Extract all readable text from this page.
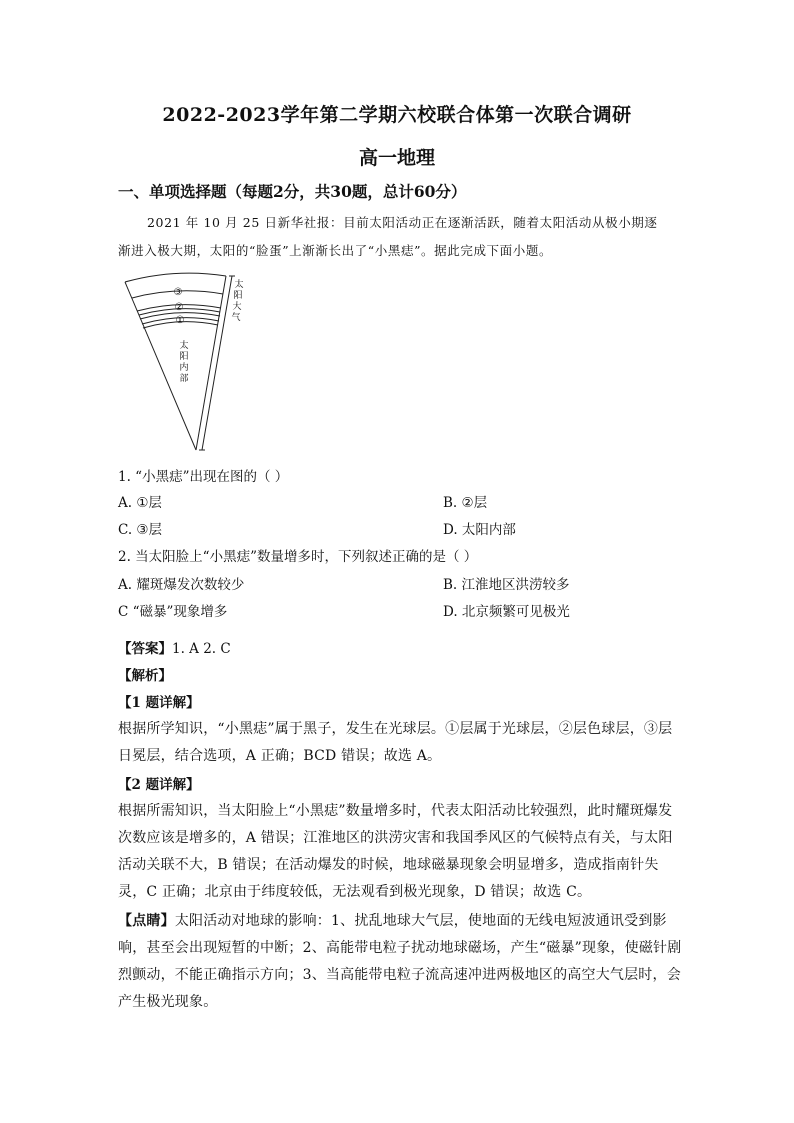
2022-2023学年第二学期六校联合体第一次联合调研
高一地理
一、单项选择题（每题2分，共30题，总计60分）
2021 年 10 月 25 日新华社报：目前太阳活动正在逐渐活跃，随着太阳活动从极小期逐
渐进入极大期，太阳的“脸蛋”上渐渐长出了“小黑痣”。据此完成下面小题。
③
②
①
太
阳
大
气
太
阳
内
部
1. “小黑痣”出现在图的（ ）
A. ①层	B. ②层
C. ③层	D. 太阳内部
2. 当太阳脸上“小黑痣”数量增多时，下列叙述正确的是（ ）
A. 耀斑爆发次数较少	B. 江淮地区洪涝较多
C “磁暴”现象增多	D. 北京频繁可见极光
【答案】1. A 2. C
【解析】
【1 题详解】
根据所学知识，“小黑痣”属于黑子，发生在光球层。①层属于光球层，②层色球层，③层
日冕层，结合选项，A 正确；BCD 错误；故选 A。
【2 题详解】
根据所需知识，当太阳脸上“小黑痣”数量增多时，代表太阳活动比较强烈，此时耀斑爆发
次数应该是增多的，A 错误；江淮地区的洪涝灾害和我国季风区的气候特点有关，与太阳
活动关联不大，B 错误；在活动爆发的时候，地球磁暴现象会明显增多，造成指南针失
灵，C 正确；北京由于纬度较低，无法观看到极光现象，D 错误；故选 C。
【点睛】太阳活动对地球的影响：1、扰乱地球大气层，使地面的无线电短波通讯受到影
响，甚至会出现短暂的中断；2、高能带电粒子扰动地球磁场，产生“磁暴”现象，使磁针剧
烈颤动，不能正确指示方向；3、当高能带电粒子流高速冲进两极地区的高空大气层时，会
产生极光现象。
